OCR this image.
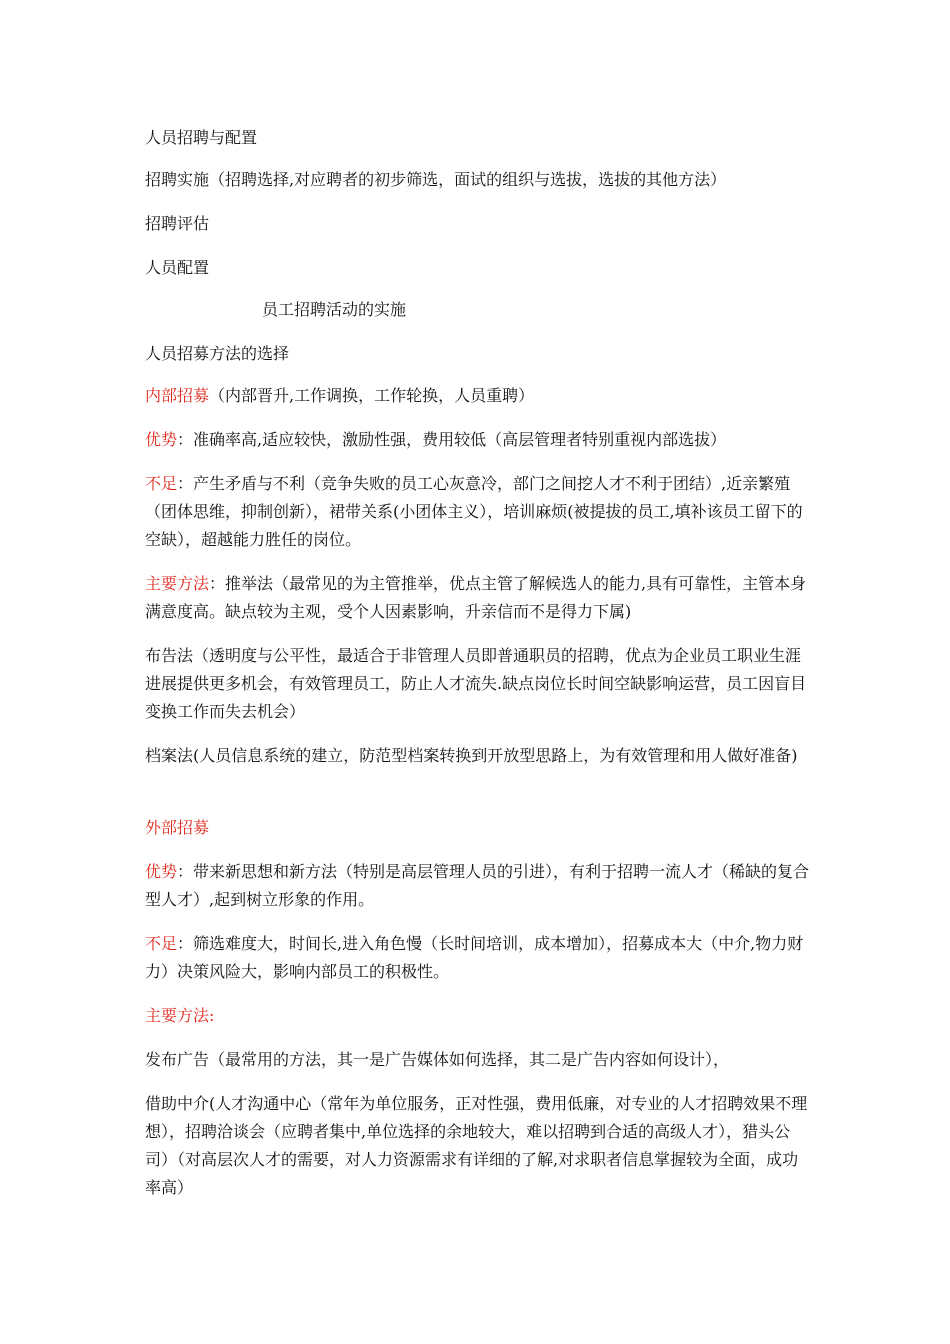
人员招聘与配置

招聘实施（招聘选择,对应聘者的初步筛选，面试的组织与选拔，选拔的其他方法）

招聘评估

人员配置

员工招聘活动的实施

人员招募方法的选择

内部招募（内部晋升,工作调换，工作轮换，人员重聘）

优势：准确率高,适应较快，激励性强，费用较低（高层管理者特别重视内部选拔）

不足：产生矛盾与不利（竞争失败的员工心灰意冷，部门之间挖人才不利于团结）,近亲繁殖（团体思维，抑制创新），裙带关系(小团体主义），培训麻烦(被提拔的员工,填补该员工留下的空缺），超越能力胜任的岗位。

主要方法：推举法（最常见的为主管推举，优点主管了解候选人的能力,具有可靠性，主管本身满意度高。缺点较为主观，受个人因素影响，升亲信而不是得力下属)

布告法（透明度与公平性，最适合于非管理人员即普通职员的招聘，优点为企业员工职业生涯进展提供更多机会，有效管理员工，防止人才流失.缺点岗位长时间空缺影响运营，员工因盲目变换工作而失去机会）

档案法(人员信息系统的建立，防范型档案转换到开放型思路上，为有效管理和用人做好准备)

外部招募

优势：带来新思想和新方法（特别是高层管理人员的引进），有利于招聘一流人才（稀缺的复合型人才）,起到树立形象的作用。

不足：筛选难度大，时间长,进入角色慢（长时间培训，成本增加），招募成本大（中介,物力财力）决策风险大，影响内部员工的积极性。

主要方法:

发布广告（最常用的方法，其一是广告媒体如何选择，其二是广告内容如何设计），

借助中介(人才沟通中心（常年为单位服务，正对性强，费用低廉，对专业的人才招聘效果不理想），招聘洽谈会（应聘者集中,单位选择的余地较大，难以招聘到合适的高级人才），猎头公司）（对高层次人才的需要，对人力资源需求有详细的了解,对求职者信息掌握较为全面，成功率高）
